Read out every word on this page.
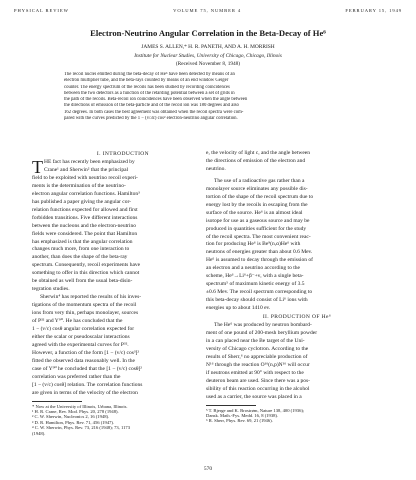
PHYSICAL REVIEW	VOLUME 75, NUMBER 4	FEBRUARY 15, 1949
Electron-Neutrino Angular Correlation in the Beta-Decay of He⁶
JAMES S. ALLEN,* H. R. PANETH, AND A. H. MORRISH
Institute for Nuclear Studies, University of Chicago, Chicago, Illinois
(Received November 8, 1948)
The recoil nuclei emitted during the beta-decay of He⁶ have been detected by means of an
electron multiplier tube, and the beta-rays counted by means of an end window Geiger
counter. The energy spectrum of the recoils has been studied by recording coincidences
between the two detectors as a function of the retarding potential between a set of grids in
the path of the recoils. Beta-recoil ion coincidences have been observed when the angle between
the directions of emission of the beta-particle and of the recoil ion was 180 degrees and also
162 degrees. In both cases the best agreement was obtained when the recoil spectra were com-
pared with the curves predicted by the 1 − (v/3c) cos² electron-neutrino angular correlation.
I. INTRODUCTION
T HE fact has recently been emphasized by
Crane¹ and Sherwin² that the principal
field to be exploited with neutrino recoil experi-
ments is the determination of the neutrino-
electron angular correlation functions. Hamilton³
has published a paper giving the angular cor-
relation functions expected for allowed and first
forbidden transitions. Five different interactions
between the nucleons and the electron-neutrino
fields were considered. The point that Hamilton
has emphasized is that the angular correlation
changes much more, from one interaction to
another, than does the shape of the beta-ray
spectrum. Consequently, recoil experiments have
something to offer in this direction which cannot
be obtained as well from the usual beta-disin-
tegration studies.
Sherwin⁴ has reported the results of his inves-
tigations of the momentum spectra of the recoil
ions from very thin, perhaps monolayer, sources
of P³² and Y⁹⁰. He has concluded that the
1 − (v/c) cosθ angular correlation expected for
either the scalar or pseudoscalar interactions
agreed with the experimental curves for P³².
However, a function of the form [1 − (v/c) cos³]²
fitted the observed data reasonably well. In the
case of Y⁹⁰ he concluded that the [1 − (v/c) cosθ]²
correlation was preferred rather than the
[1 − (v/c) cosθ] relation. The correlation functions
are given in terms of the velocity of the electron
* Now at the University of Illinois, Urbana, Illinois.
¹ H. R. Crane, Rev. Mod. Phys. 20, 278 (1948).
² C. W. Sherwin, Nucleonics 2, 16 (1948).
³ D. R. Hamilton, Phys. Rev. 71, 456 (1947).
⁴ C. W. Sherwin, Phys. Rev. 73, 216 (1948); 73, 1173
(1948).
e, the velocity of light c, and the angle between
the directions of emission of the electron and
neutrino.
The use of a radioactive gas rather than a
monolayer source eliminates any possible dis-
tortion of the shape of the recoil spectrum due to
energy lost by the recoils in escaping from the
surface of the source. He⁶ is an almost ideal
isotope for use as a gaseous source and may be
produced in quantities sufficient for the study
of the recoil spectra. The most convenient reac-
tion for producing He⁶ is Be⁹(n,α)He⁶ with
neutrons of energies greater than about 0.6 Mev.
He⁶ is assumed to decay through the emission of
an electron and a neutrino according to the
scheme, He⁶→Li⁶+β⁻+ν, with a single beta-
spectrum⁵ of maximum kinetic energy of 3.5
±0.6 Mev. The recoil spectrum corresponding to
this beta-decay should consist of Li⁶ ions with
energies up to about 1410 ev.
II. PRODUCTION OF He⁶
The He⁶ was produced by neutron bombard-
ment of one pound of 200-mesh beryllium powder
in a can placed near the Be target of the Uni-
versity of Chicago cyclotron. According to the
results of Sherr,⁶ no appreciable production of
N¹⁶ through the reaction O¹⁶(n,p)N¹⁶ will occur
if neutrons emitted at 90° with respect to the
deuteron beam are used. Since there was a pos-
sibility of this reaction occurring in the alcohol
used as a carrier, the source was placed in a
⁵ T. Bjerge and K. Brostrøm, Nature 138, 400 (1936);
Dansk. Math.-Fys. Medd. 16, 8 (1938).
⁶ R. Sherr, Phys. Rev. 69, 21 (1946).
570
